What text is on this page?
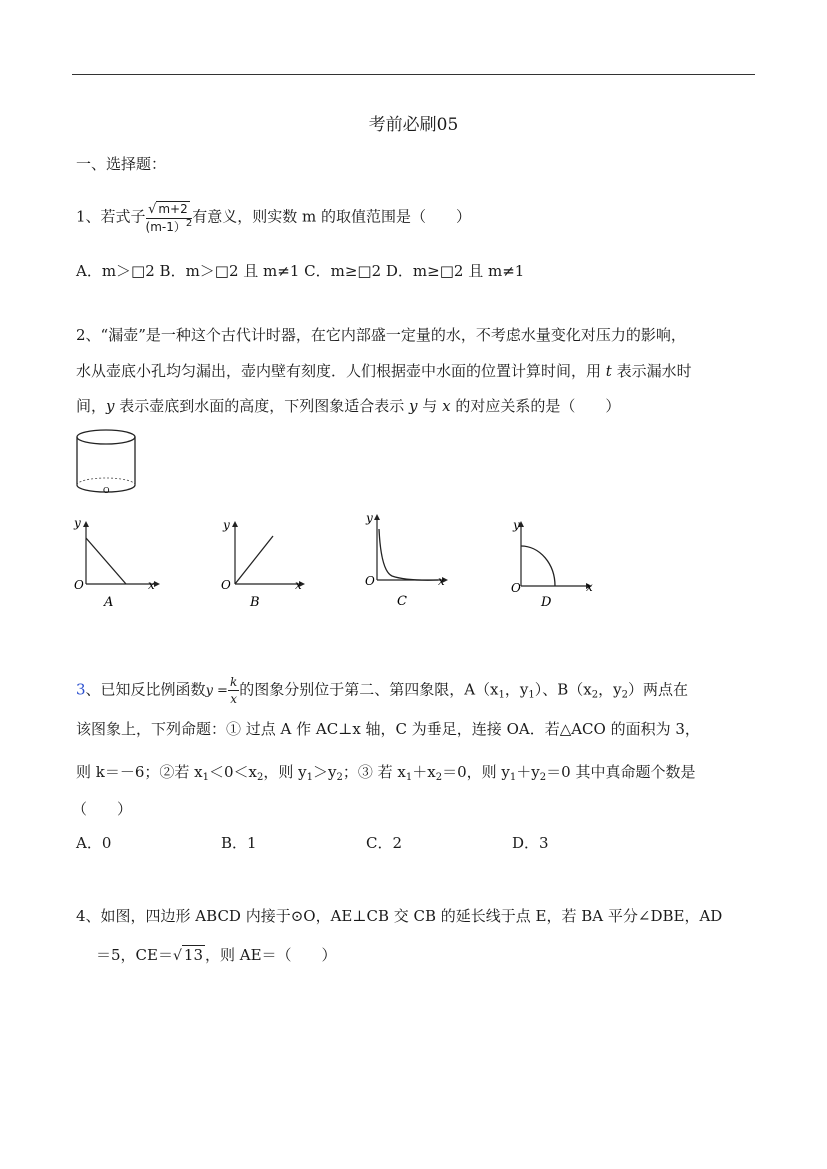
考前必刷05
一、选择题：
1、若式子 $\frac{√ m+2}{(m-1)^2}$ 有意义，则实数 m 的取值范围是（　　）
A．m＞□2 B．m＞□2 且 m≠1 C．m≥□2 D．m≥□2 且 m≠1
2、“漏壶”是一种这个古代计时器，在它内部盛一定量的水，不考虑水量变化对压力的影响，
水从壶底小孔均匀漏出，壶内壁有刻度．人们根据壶中水面的位置计算时间，用 t 表示漏水时
间，y 表示壶底到水面的高度，下列图象适合表示 y 与 x 的对应关系的是（　　）
O
y
x
O
A
y
x
O
B
y
x
O
C
y
x
O
D
3、已知反比例函数$y = \frac{k}{x}$ 的图象分别位于第二、第四象限，$A(x_1$，$y_1$）、$B(x_2$，$y_2$）两点在
该图象上，下列命题：① 过点 A 作 AC⊥x 轴，C 为垂足，连接 OA．若△ACO 的面积为 3，
则 k＝－6；②若 $x_1<0<x_2$，则 $y_1>y_2$；③ 若 $x_1+x_2=0$，则 $y_1+y_2=0$ 其中真命题个数是
（　　）
A．0	B．1	C．2	D．3
4、如图，四边形 ABCD 内接于⊙O，AE⊥CB 交 CB 的延长线于点 E，若 BA 平分∠DBE，AD
＝5，CE＝√ 13 ，则 AE＝（　　）
